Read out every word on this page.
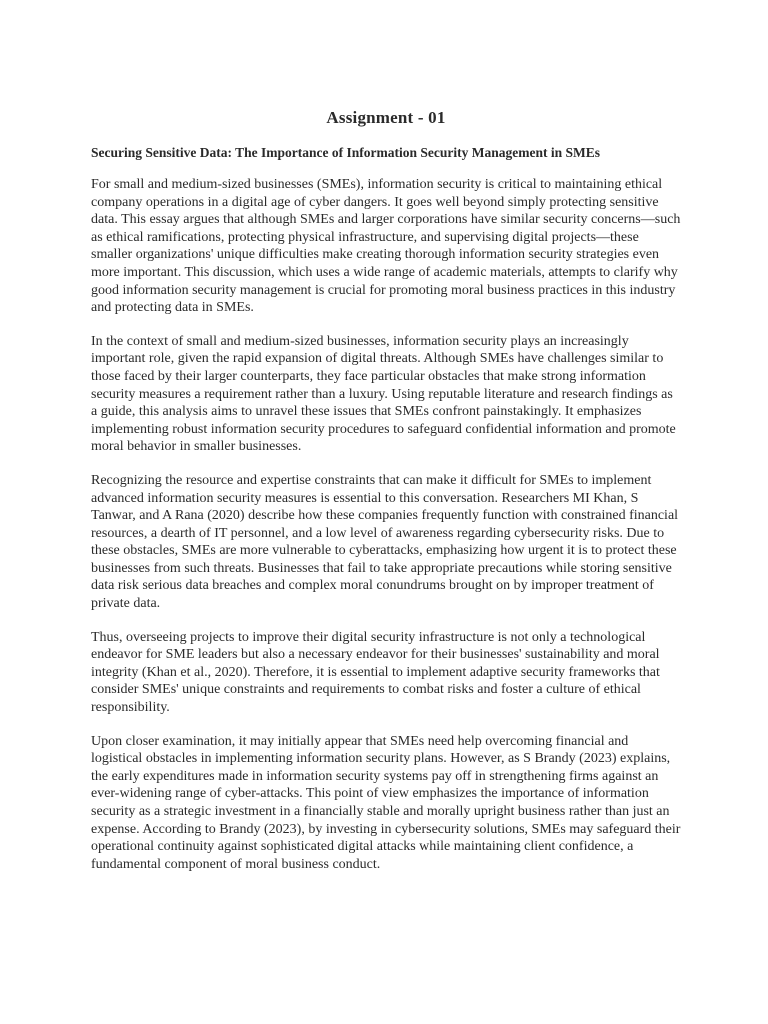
Assignment - 01
Securing Sensitive Data: The Importance of Information Security Management in SMEs

For small and medium-sized businesses (SMEs), information security is critical to maintaining ethical company operations in a digital age of cyber dangers. It goes well beyond simply protecting sensitive data. This essay argues that although SMEs and larger corporations have similar security concerns—such as ethical ramifications, protecting physical infrastructure, and supervising digital projects—these smaller organizations' unique difficulties make creating thorough information security strategies even more important. This discussion, which uses a wide range of academic materials, attempts to clarify why good information security management is crucial for promoting moral business practices in this industry and protecting data in SMEs.

In the context of small and medium-sized businesses, information security plays an increasingly important role, given the rapid expansion of digital threats. Although SMEs have challenges similar to those faced by their larger counterparts, they face particular obstacles that make strong information security measures a requirement rather than a luxury. Using reputable literature and research findings as a guide, this analysis aims to unravel these issues that SMEs confront painstakingly. It emphasizes implementing robust information security procedures to safeguard confidential information and promote moral behavior in smaller businesses.

Recognizing the resource and expertise constraints that can make it difficult for SMEs to implement advanced information security measures is essential to this conversation. Researchers MI Khan, S Tanwar, and A Rana (2020) describe how these companies frequently function with constrained financial resources, a dearth of IT personnel, and a low level of awareness regarding cybersecurity risks. Due to these obstacles, SMEs are more vulnerable to cyberattacks, emphasizing how urgent it is to protect these businesses from such threats. Businesses that fail to take appropriate precautions while storing sensitive data risk serious data breaches and complex moral conundrums brought on by improper treatment of private data.

Thus, overseeing projects to improve their digital security infrastructure is not only a technological endeavor for SME leaders but also a necessary endeavor for their businesses' sustainability and moral integrity (Khan et al., 2020). Therefore, it is essential to implement adaptive security frameworks that consider SMEs' unique constraints and requirements to combat risks and foster a culture of ethical responsibility.

Upon closer examination, it may initially appear that SMEs need help overcoming financial and logistical obstacles in implementing information security plans. However, as S Brandy (2023) explains, the early expenditures made in information security systems pay off in strengthening firms against an ever-widening range of cyber-attacks. This point of view emphasizes the importance of information security as a strategic investment in a financially stable and morally upright business rather than just an expense. According to Brandy (2023), by investing in cybersecurity solutions, SMEs may safeguard their operational continuity against sophisticated digital attacks while maintaining client confidence, a fundamental component of moral business conduct.
